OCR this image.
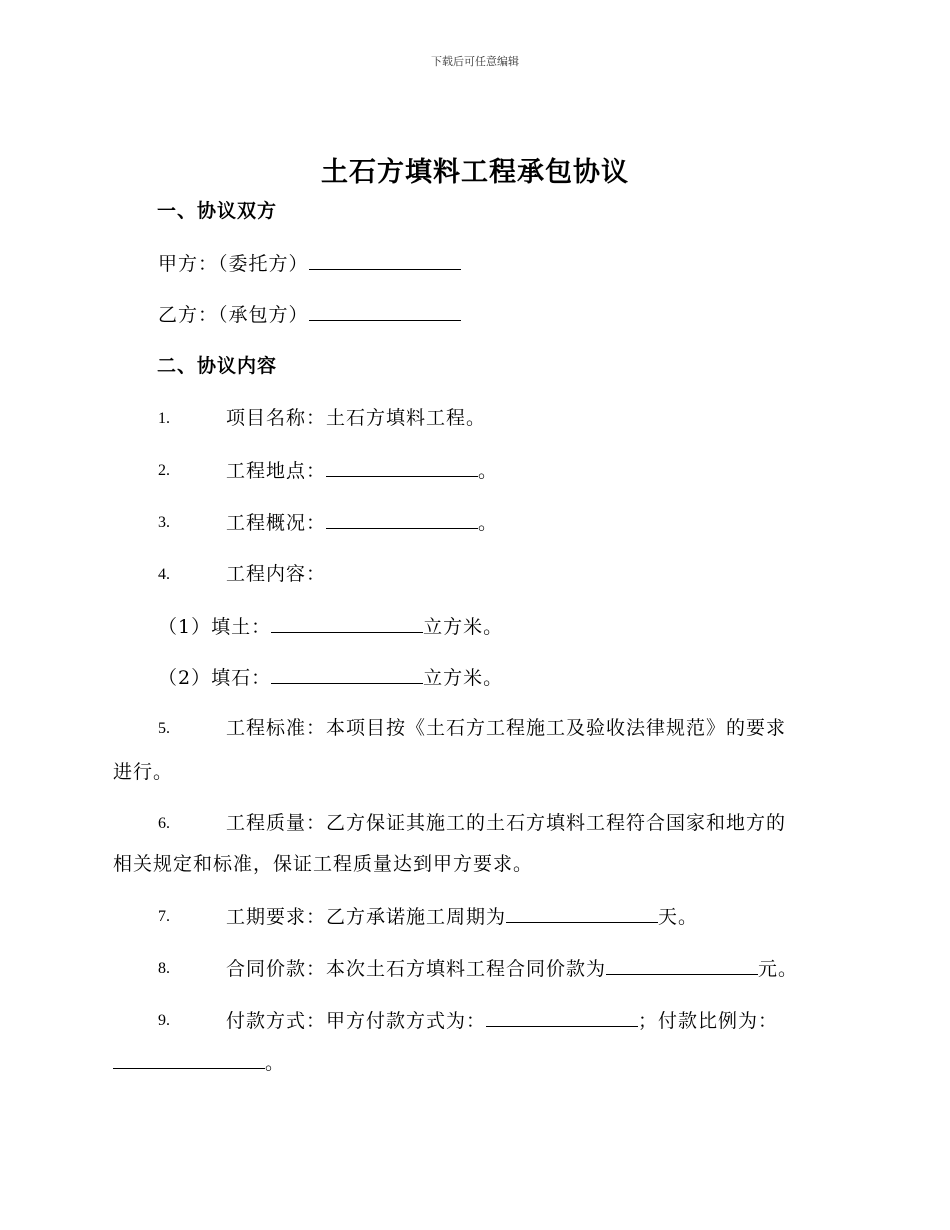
下载后可任意编辑
土石方填料工程承包协议
一、协议双方
甲方：（委托方）
乙方：（承包方）
二、协议内容
1.	项目名称：土石方填料工程。
2.	工程地点：	。
3.	工程概况：	。
4.	工程内容：
（1）填土：	立方米。
（2）填石：	立方米。
5.	工程标准：本项目按《土石方工程施工及验收法律规范》的要求
进行。
6.	工程质量：乙方保证其施工的土石方填料工程符合国家和地方的
相关规定和标准，保证工程质量达到甲方要求。
7.	工期要求：乙方承诺施工周期为	天。
8.	合同价款：本次土石方填料工程合同价款为	元。
9.	付款方式：甲方付款方式为：	；付款比例为：
。
